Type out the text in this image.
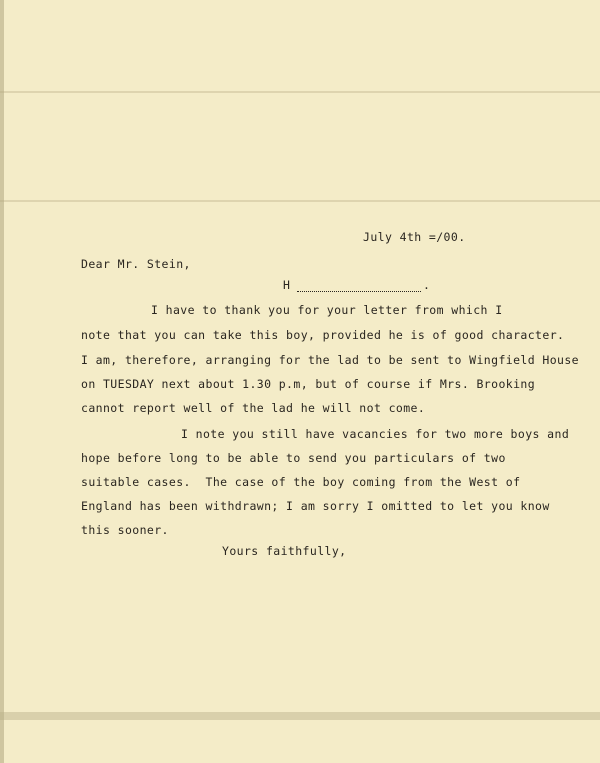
July 4th =/00.
Dear Mr. Stein,
H	.
I have to thank you for your letter from which I
note that you can take this boy, provided he is of good character.
I am, therefore, arranging for the lad to be sent to Wingfield House
on TUESDAY next about 1.30 p.m, but of course if Mrs. Brooking
cannot report well of the lad he will not come.
I note you still have vacancies for two more boys and
hope before long to be able to send you particulars of two
suitable cases.  The case of the boy coming from the West of
England has been withdrawn; I am sorry I omitted to let you know
this sooner.
Yours faithfully,
